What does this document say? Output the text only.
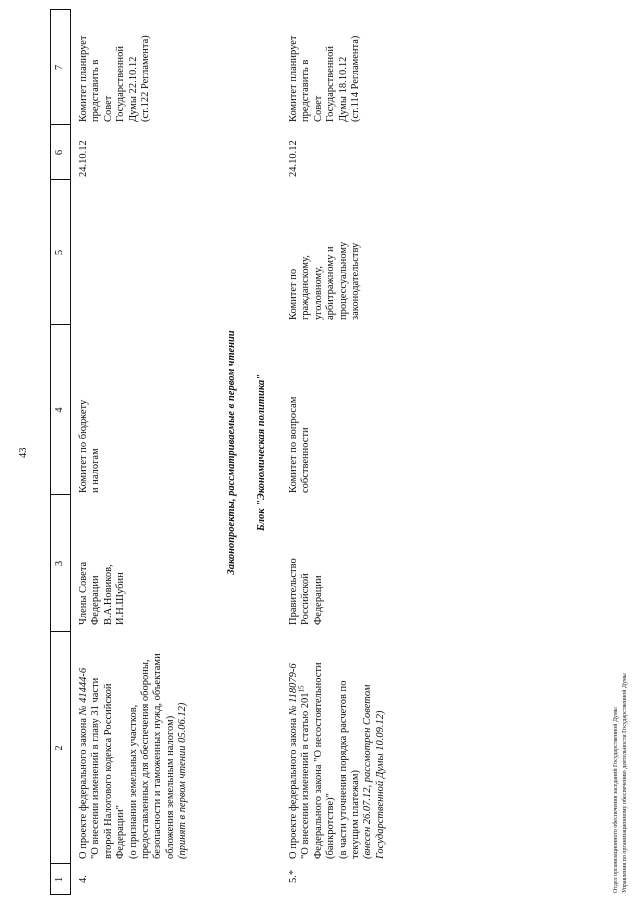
43
1
2
3
4
5
6
7
4.
О проекте федерального закона № 41444-6
"О внесении изменений в главу 31 части
второй Налогового кодекса Российской
Федерации"
(о признании земельных участков,
предоставленных для обеспечения обороны,
безопасности и таможенных нужд, объектами
обложения земельным налогом)
(принят в первом чтении 05.06.12)
Члены Совета
Федерации
В.А.Новиков,
И.Н.Шубин
Комитет по бюджету
и налогам
24.10.12
Комитет планирует
представить в
Совет
Государственной
Думы 22.10.12
(ст.122 Регламента)
Законопроекты, рассматриваемые в первом чтении Блок "Экономическая политика"
5.*
О проекте федерального закона № 118079-6
"О внесении изменений в статью $201^{15}$
Федерального закона "О несостоятельности
(банкротстве)"
(в части уточнения порядка расчетов по
текущим платежам)
(внесен 26.07.12, рассмотрен Советом
Государственной Думы 10.09.12)
Правительство
Российской
Федерации
Комитет по вопросам
собственности
Комитет по
гражданскому,
уголовному,
арбитражному и
процессуальному
законодательству
24.10.12
Комитет планирует
представить в
Совет
Государственной
Думы 18.10.12
(ст.114 Регламента)
Отдел организационного обеспечения заседаний Государственной Думы Управления по организационному обеспечению деятельности Государственной Думы
